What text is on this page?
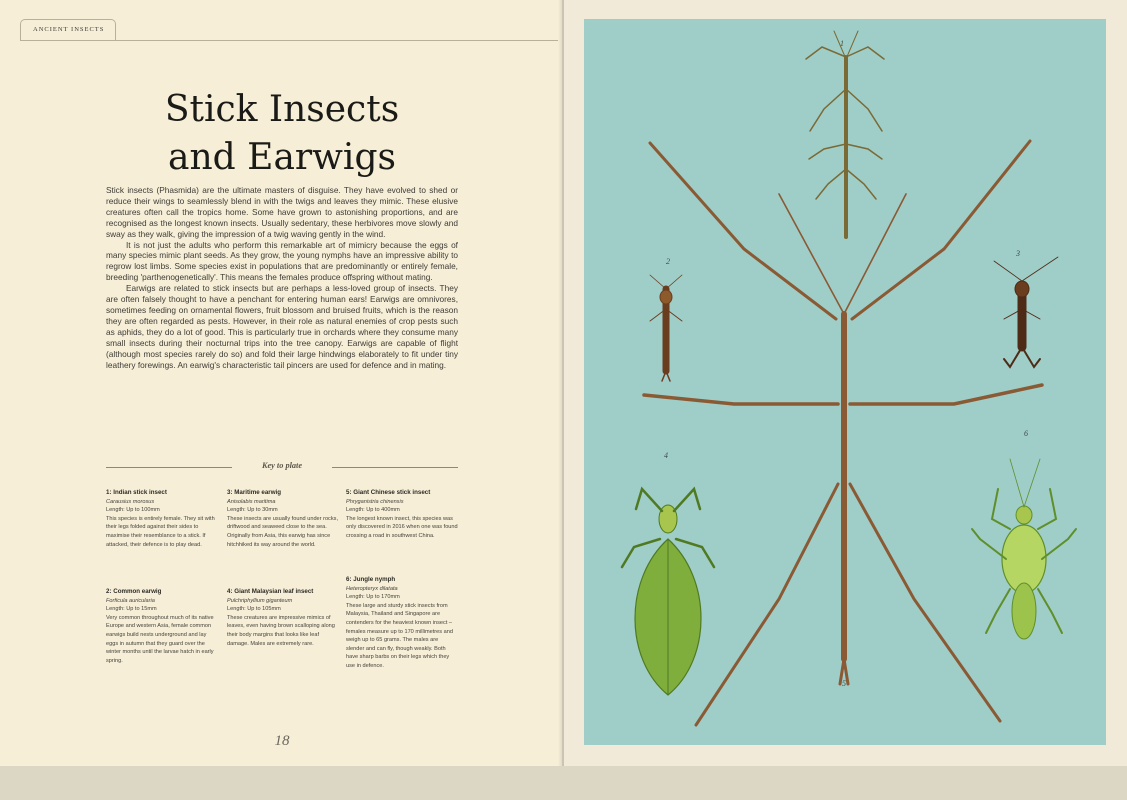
ANCIENT INSECTS
Stick Insects
and Earwigs

Stick insects (Phasmida) are the ultimate masters of disguise. They have evolved to shed or reduce their wings to seamlessly blend in with the twigs and leaves they mimic. These elusive creatures often call the tropics home. Some have grown to astonishing proportions, and are recognised as the longest known insects. Usually sedentary, these herbivores move slowly and sway as they walk, giving the impression of a twig waving gently in the wind.

It is not just the adults who perform this remarkable art of mimicry because the eggs of many species mimic plant seeds. As they grow, the young nymphs have an impressive ability to regrow lost limbs. Some species exist in populations that are predominantly or entirely female, breeding 'parthenogenetically'. This means the females produce offspring without mating.

Earwigs are related to stick insects but are perhaps a less-loved group of insects. They are often falsely thought to have a penchant for entering human ears! Earwigs are omnivores, sometimes feeding on ornamental flowers, fruit blossom and bruised fruits, which is the reason they are often regarded as pests. However, in their role as natural enemies of crop pests such as aphids, they do a lot of good. This is particularly true in orchards where they consume many small insects during their nocturnal trips into the tree canopy. Earwigs are capable of flight (although most species rarely do so) and fold their large hindwings elaborately to fit under tiny leathery forewings. An earwig's characteristic tail pincers are used for defence and in mating.

Key to plate
1: Indian stick insect
Carausius morosus
Length: Up to 100mm

This species is entirely female. They sit with their legs folded against their sides to maximise their resemblance to a stick. If attacked, their defence is to play dead.

2: Common earwig
Forficula auricularia
Length: Up to 15mm

Very common throughout much of its native Europe and western Asia, female common earwigs build nests underground and lay eggs in autumn that they guard over the winter months until the larvae hatch in early spring.

3: Maritime earwig
Anisolabis maritima
Length: Up to 30mm

These insects are usually found under rocks, driftwood and seaweed close to the sea. Originally from Asia, this earwig has since hitchhiked its way around the world.

4: Giant Malaysian leaf insect
Pulchriphyllium giganteum
Length: Up to 105mm

These creatures are impressive mimics of leaves, even having brown scalloping along their body margins that looks like leaf damage. Males are extremely rare.

5: Giant Chinese stick insect
Phryganistria chinensis
Length: Up to 400mm

The longest known insect, this species was only discovered in 2016 when one was found crossing a road in southwest China.

6: Jungle nymph
Heteropteryx dilatata
Length: Up to 170mm

These large and sturdy stick insects from Malaysia, Thailand and Singapore are contenders for the heaviest known insect – females measure up to 170 millimetres and weigh up to 65 grams. The males are slender and can fly, though weakly. Both have sharp barbs on their legs which they use in defence.

18
1
2
3
4
5
6
